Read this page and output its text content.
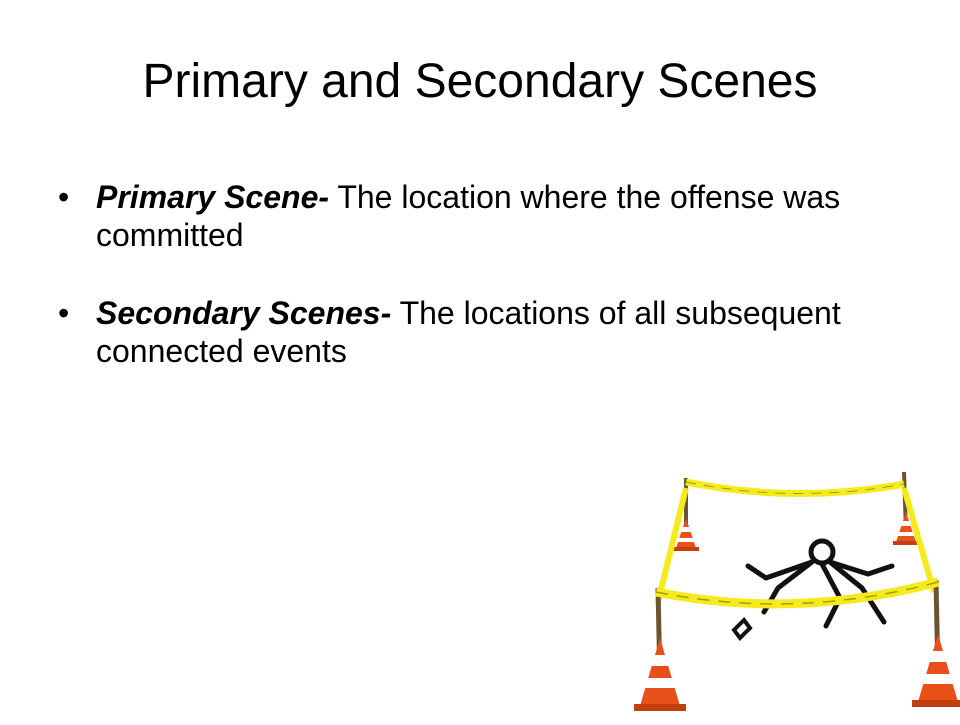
Primary and Secondary Scenes
• Primary Scene- The location where the offense was committed
• Secondary Scenes- The locations of all subsequent connected events
